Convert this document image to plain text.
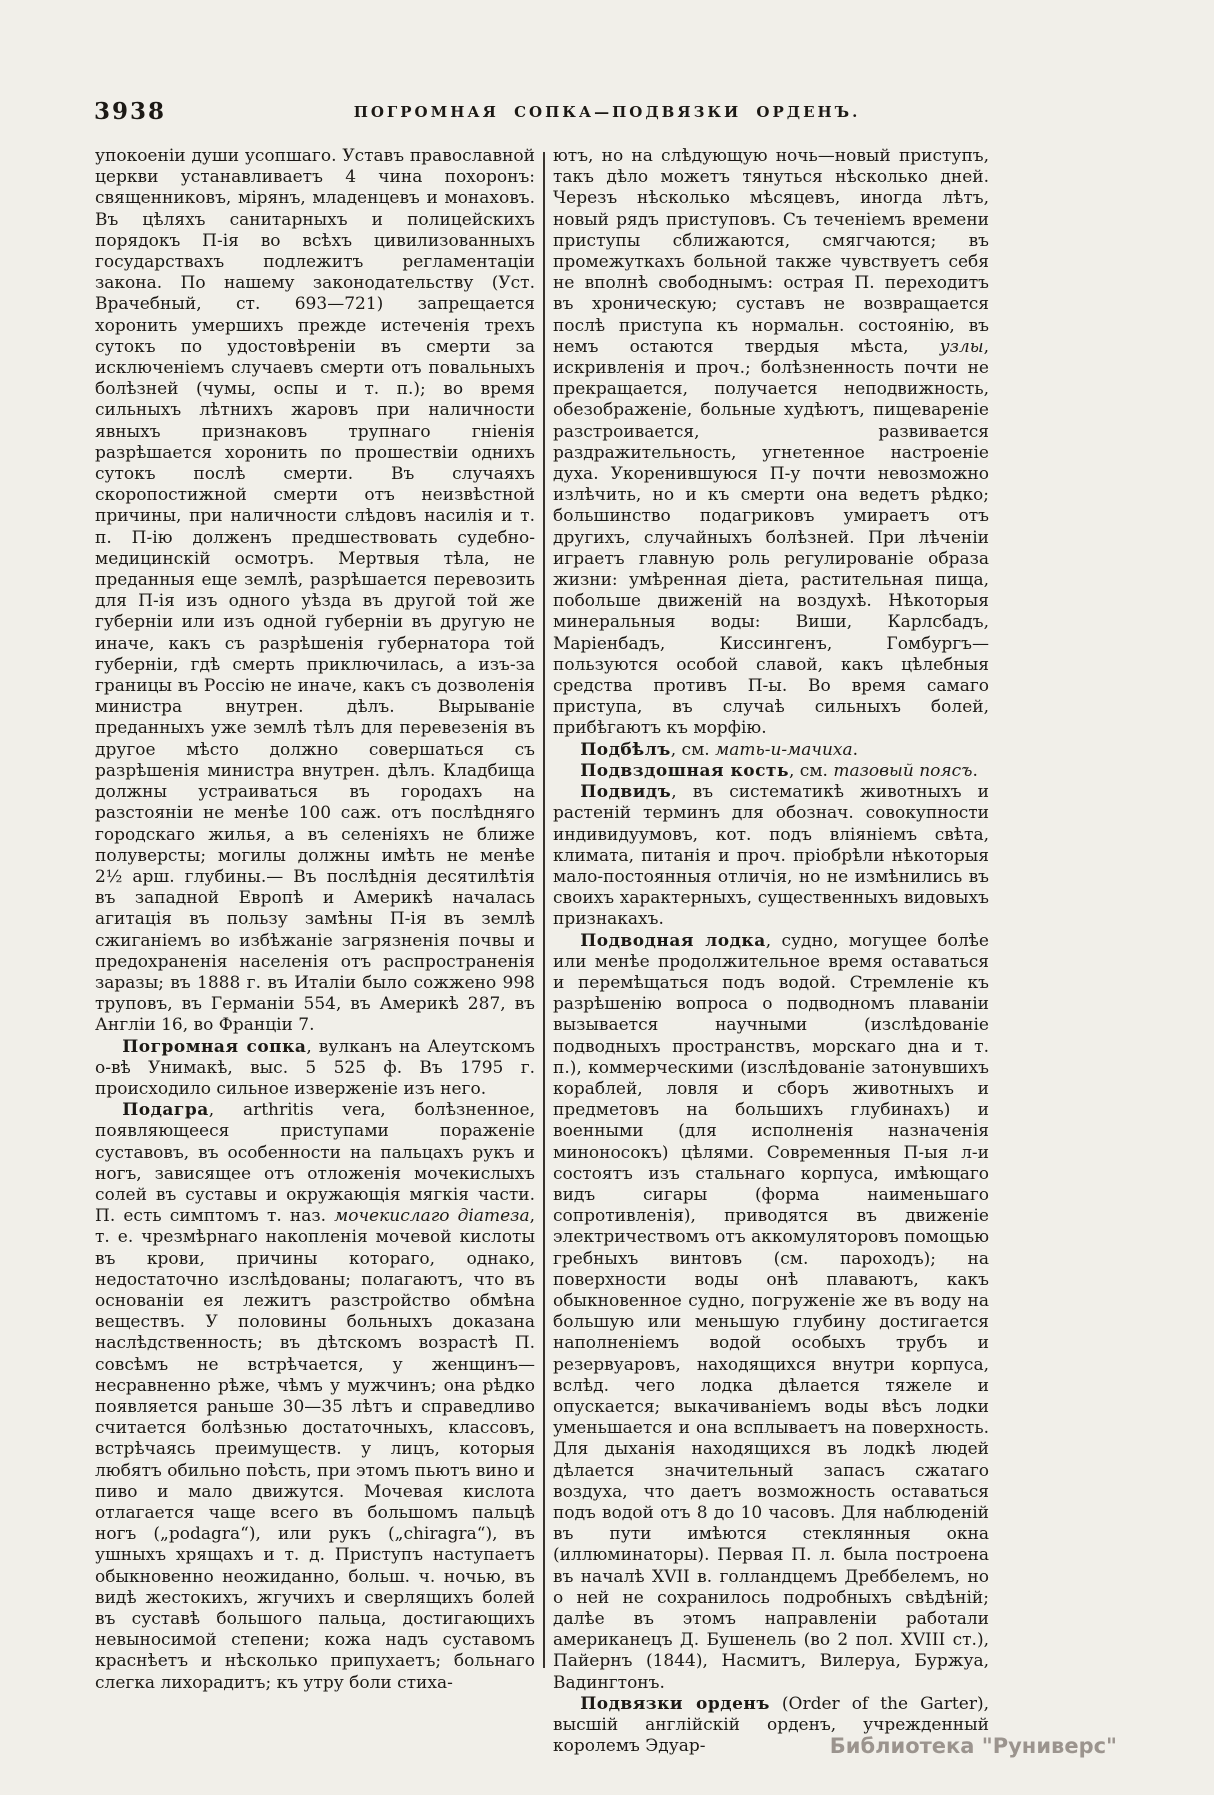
3938	ПОГРОМНАЯ СОПКА—ПОДВЯЗКИ ОРДЕНЪ.

упокоеніи души усопшаго. Уставъ православной церкви устанавливаетъ 4 чина похоронъ: священниковъ, мірянъ, младенцевъ и монаховъ. Въ цѣляхъ санитарныхъ и полицейскихъ порядокъ П-ія во всѣхъ цивилизованныхъ государствахъ подлежитъ регламентаціи закона. По нашему законодательству (Уст. Врачебный, ст. 693—721) запрещается хоронить умершихъ прежде истеченія трехъ сутокъ по удостовѣреніи въ смерти за исключеніемъ случаевъ смерти отъ повальныхъ болѣзней (чумы, оспы и т. п.); во время сильныхъ лѣтнихъ жаровъ при наличности явныхъ признаковъ трупнаго гніенія разрѣшается хоронить по прошествіи однихъ сутокъ послѣ смерти. Въ случаяхъ скоропостижной смерти отъ неизвѣстной причины, при наличности слѣдовъ насилія и т. п. П-ію долженъ предшествовать судебно-медицинскій осмотръ. Мертвыя тѣла, не преданныя еще землѣ, разрѣшается перевозить для П-ія изъ одного уѣзда въ другой той же губерніи или изъ одной губерніи въ другую не иначе, какъ съ разрѣшенія губернатора той губерніи, гдѣ смерть приключилась, а изъ-за границы въ Россію не иначе, какъ съ дозволенія министра внутрен. дѣлъ. Вырываніе преданныхъ уже землѣ тѣлъ для перевезенія въ другое мѣсто должно совершаться съ разрѣшенія министра внутрен. дѣлъ. Кладбища должны устраиваться въ городахъ на разстояніи не менѣе 100 саж. отъ послѣдняго городскаго жилья, а въ селеніяхъ не ближе полуверсты; могилы должны имѣть не менѣе 2½ арш. глубины.— Въ послѣднія десятилѣтія въ западной Европѣ и Америкѣ началась агитація въ пользу замѣны П-ія въ землѣ сжиганіемъ во избѣжаніе загрязненія почвы и предохраненія населенія отъ распространенія заразы; въ 1888 г. въ Италіи было сожжено 998 труповъ, въ Германіи 554, въ Америкѣ 287, въ Англіи 16, во Франціи 7.

Погромная сопка, вулканъ на Алеутскомъ о-вѣ Унимакѣ, выс. 5 525 ф. Въ 1795 г. происходило сильное изверженіе изъ него.

Подагра, arthritis vera, болѣзненное, появляющееся приступами пораженіе суставовъ, въ особенности на пальцахъ рукъ и ногъ, зависящее отъ отложенія мочекислыхъ солей въ суставы и окружающія мягкія части. П. есть симптомъ т. наз. мочекислаго діатеза, т. е. чрезмѣрнаго накопленія мочевой кислоты въ крови, причины котораго, однако, недостаточно изслѣдованы; полагаютъ, что въ основаніи ея лежитъ разстройство обмѣна веществъ. У половины больныхъ доказана наслѣдственность; въ дѣтскомъ возрастѣ П. совсѣмъ не встрѣчается, у женщинъ—несравненно рѣже, чѣмъ у мужчинъ; она рѣдко появляется раньше 30—35 лѣтъ и справедливо считается болѣзнью достаточныхъ, классовъ, встрѣчаясь преимуществ. у лицъ, которыя любятъ обильно поѣсть, при этомъ пьютъ вино и пиво и мало движутся. Мочевая кислота отлагается чаще всего въ большомъ пальцѣ ногъ („podagra“), или рукъ („chiragra“), въ ушныхъ хрящахъ и т. д. Приступъ наступаетъ обыкновенно неожиданно, больш. ч. ночью, въ видѣ жестокихъ, жгучихъ и сверлящихъ болей въ суставѣ большого пальца, достигающихъ невыносимой степени; кожа надъ суставомъ краснѣетъ и нѣсколько припухаетъ; больнаго слегка лихорадитъ; къ утру боли стиха-

ютъ, но на слѣдующую ночь—новый приступъ, такъ дѣло можетъ тянуться нѣсколько дней. Черезъ нѣсколько мѣсяцевъ, иногда лѣтъ, новый рядъ приступовъ. Съ теченіемъ времени приступы сближаются, смягчаются; въ промежуткахъ больной также чувствуетъ себя не вполнѣ свободнымъ: острая П. переходитъ въ хроническую; суставъ не возвращается послѣ приступа къ нормальн. состоянію, въ немъ остаются твердыя мѣста, узлы, искривленія и проч.; болѣзненность почти не прекращается, получается неподвижность, обезображеніе, больные худѣютъ, пищевареніе разстроивается, развивается раздражительность, угнетенное настроеніе духа. Укоренившуюся П-у почти невозможно излѣчить, но и къ смерти она ведетъ рѣдко; большинство подагриковъ умираетъ отъ другихъ, случайныхъ болѣзней. При лѣченіи играетъ главную роль регулированіе образа жизни: умѣренная діета, растительная пища, побольше движеній на воздухѣ. Нѣкоторыя минеральныя воды: Виши, Карлсбадъ, Маріенбадъ, Киссингенъ, Гомбургъ—пользуются особой славой, какъ цѣлебныя средства противъ П-ы. Во время самаго приступа, въ случаѣ сильныхъ болей, прибѣгаютъ къ морфію.

Подбѣлъ, см. мать-и-мачиха.

Подвздошная кость, см. тазовый поясъ.

Подвидъ, въ систематикѣ животныхъ и растеній терминъ для обознач. совокупности индивидуумовъ, кот. подъ вліяніемъ свѣта, климата, питанія и проч. пріобрѣли нѣкоторыя мало-постоянныя отличія, но не измѣнились въ своихъ характерныхъ, существенныхъ видовыхъ признакахъ.

Подводная лодка, судно, могущее болѣе или менѣе продолжительное время оставаться и перемѣщаться подъ водой. Стремленіе къ разрѣшенію вопроса о подводномъ плаваніи вызывается научными (изслѣдованіе подводныхъ пространствъ, морскаго дна и т. п.), коммерческими (изслѣдованіе затонувшихъ кораблей, ловля и сборъ животныхъ и предметовъ на большихъ глубинахъ) и военными (для исполненія назначенія миноносокъ) цѣлями. Современныя П-ыя л-и состоятъ изъ стальнаго корпуса, имѣющаго видъ сигары (форма наименьшаго сопротивленія), приводятся въ движеніе электричествомъ отъ аккомуляторовъ помощью гребныхъ винтовъ (см. пароходъ); на поверхности воды онѣ плаваютъ, какъ обыкновенное судно, погруженіе же въ воду на большую или меньшую глубину достигается наполненіемъ водой особыхъ трубъ и резервуаровъ, находящихся внутри корпуса, вслѣд. чего лодка дѣлается тяжеле и опускается; выкачиваніемъ воды вѣсъ лодки уменьшается и она всплываетъ на поверхность. Для дыханія находящихся въ лодкѣ людей дѣлается значительный запасъ сжатаго воздуха, что даетъ возможность оставаться подъ водой отъ 8 до 10 часовъ. Для наблюденій въ пути имѣются стеклянныя окна (иллюминаторы). Первая П. л. была построена въ началѣ XVII в. голландцемъ Дреббелемъ, но о ней не сохранилось подробныхъ свѣдѣній; далѣе въ этомъ направленіи работали американецъ Д. Бушенель (во 2 пол. XVIII ст.), Пайернъ (1844), Насмитъ, Вилеруа, Буржуа, Вадингтонъ.

Подвязки орденъ (Order of the Garter), высшій англійскій орденъ, учрежденный королемъ Эдуар-	Библиотека "Руниверс"
